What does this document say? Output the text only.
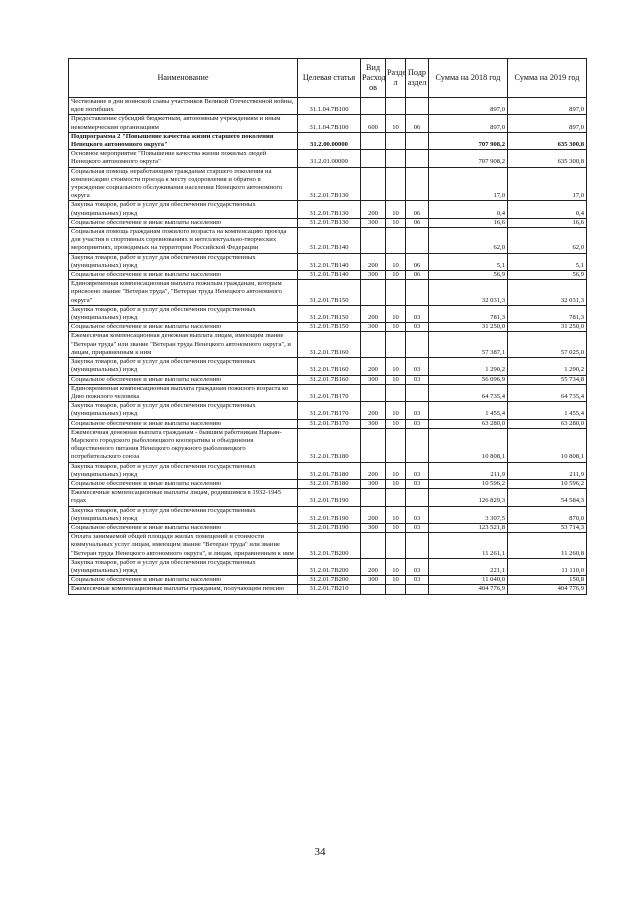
Наименование	Целевая статья	Вид Расход ов	Разде л	Подр аздел	Сумма на 2018 год	Сумма на 2019 год
Чествование в дни воинской славы участников Великой Отечественной войны, вдов погибших	31.1.04.7В100				897,0	897,0
Предоставление субсидий бюджетным, автономным учреждениям и иным некоммерческим организациям	31.1.04.7В100	600	10	06	897,0	897,0
Подпрограмма 2 "Повышение качества жизни старшего поколения Ненецкого автономного округа"	31.2.00.00000				707 908,2	635 300,8
Основное мероприятие "Повышение качества жизни пожилых людей Ненецкого автономного округа"	31.2.01.00000				707 908,2	635 300,8
Социальная помощь неработающим гражданам старшего поколения на компенсацию стоимости проезда к месту оздоровления и обратно в учреждение социального обслуживания населения Ненецкого автономного округа	31.2.01.7В130				17,0	17,0
Закупка товаров, работ и услуг для обеспечения государственных (муниципальных) нужд	31.2.01.7В130	200	10	06	0,4	0,4
Социальное обеспечение и иные выплаты населению	31.2.01.7В130	300	10	06	16,6	16,6
Социальная помощь гражданам пожилого возраста на компенсацию проезда для участия в спортивных соревнованиях и интеллектуально-творческих мероприятиях, проводимых на территории Российской Федерации	31.2.01.7В140				62,0	62,0
Закупка товаров, работ и услуг для обеспечения государственных (муниципальных) нужд	31.2.01.7В140	200	10	06	5,1	5,1
Социальное обеспечение и иные выплаты населению	31.2.01.7В140	300	10	06	56,9	56,9
Единовременная компенсационная выплата пожилым гражданам, которым присвоено звание "Ветеран труда", "Ветеран труда Ненецкого автономного округа"	31.2.01.7В150				32 031,3	32 031,3
Закупка товаров, работ и услуг для обеспечения государственных (муниципальных) нужд	31.2.01.7В150	200	10	03	781,3	781,3
Социальное обеспечение и иные выплаты населению	31.2.01.7В150	300	10	03	31 250,0	31 250,0
Ежемесячная компенсационная денежная выплата лицам, имеющим звание "Ветеран труда" или звание "Ветеран труда Ненецкого автономного округа", и лицам, приравненным к ним	31.2.01.7В160				57 387,1	57 025,0
Закупка товаров, работ и услуг для обеспечения государственных (муниципальных) нужд	31.2.01.7В160	200	10	03	1 290,2	1 290,2
Социальное обеспечение и иные выплаты населению	31.2.01.7В160	300	10	03	56 096,9	55 734,8
Единовременная компенсационная выплата гражданам пожилого возраста ко Дню пожилого человека	31.2.01.7В170				64 735,4	64 735,4
Закупка товаров, работ и услуг для обеспечения государственных (муниципальных) нужд	31.2.01.7В170	200	10	03	1 455,4	1 455,4
Социальное обеспечение и иные выплаты населению	31.2.01.7В170	300	10	03	63 280,0	63 280,0
Ежемесячная денежная выплата гражданам - бывшим работникам Нарьян-Марского городского рыболовецкого кооператива и объединения общественного питания Ненецкого окружного рыболовецкого потребительского союза	31.2.01.7В180				10 808,1	10 808,1
Закупка товаров, работ и услуг для обеспечения государственных (муниципальных) нужд	31.2.01.7В180	200	10	03	211,9	211,9
Социальное обеспечение и иные выплаты населению	31.2.01.7В180	300	10	03	10 596,2	10 596,2
Ежемесячные компенсационные выплаты лицам, родившимся в 1932-1945 годах	31.2.01.7В190				126 829,3	54 584,3
Закупка товаров, работ и услуг для обеспечения государственных (муниципальных) нужд	31.2.01.7В190	200	10	03	3 307,5	870,0
Социальное обеспечение и иные выплаты населению	31.2.01.7В190	300	10	03	123 521,8	53 714,3
Оплата занимаемой общей площади жилых помещений и стоимости коммунальных услуг лицам, имеющим звание "Ветеран труда" или звание "Ветеран труда Ненецкого автономного округа", и лицам, приравненным к ним	31.2.01.7В200				11 261,1	11 260,8
Закупка товаров, работ и услуг для обеспечения государственных (муниципальных) нужд	31.2.01.7В200	200	10	03	221,1	11 110,0
Социальное обеспечение и иные выплаты населению	31.2.01.7В200	300	10	03	11 040,0	150,8
Ежемесячные компенсационные выплаты гражданам, получающим пенсию	31.2.01.7В210				404 776,9	404 776,9
34
